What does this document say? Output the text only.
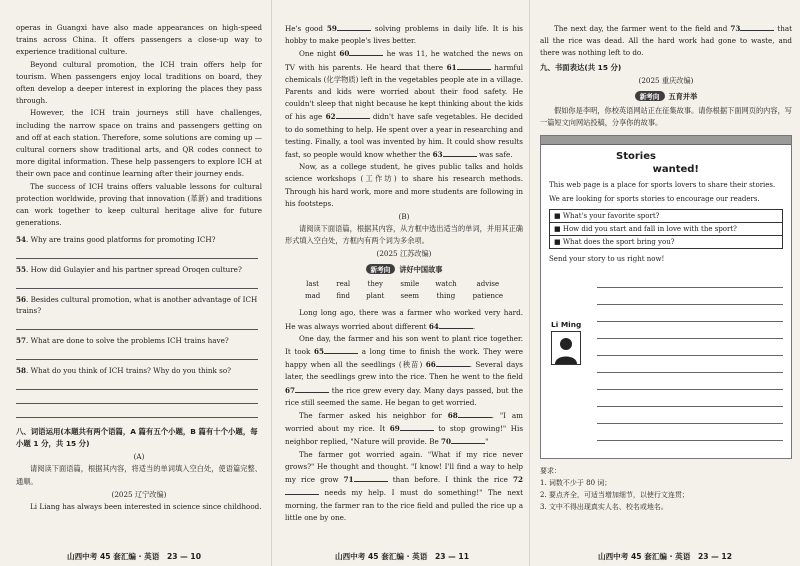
operas in Guangxi have also made appearances on high-speed trains across China. It offers passengers a close-up way to experience traditional culture.

Beyond cultural promotion, the ICH train offers help for tourism. When passengers enjoy local traditions on board, they often develop a deeper interest in exploring the places they pass through.

However, the ICH train journeys still have challenges, including the narrow space on trains and passengers getting on and off at each station. Therefore, some solutions are coming up — cultural corners show traditional arts, and QR codes connect to more digital information. These help passengers to explore ICH at their own pace and continue learning after their journey ends.

The success of ICH trains offers valuable lessons for cultural protection worldwide, proving that innovation (革新) and traditions can work together to keep cultural heritage alive for future generations.

54. Why are trains good platforms for promoting ICH?
55. How did Gulayier and his partner spread Oroqen culture?
56. Besides cultural promotion, what is another advantage of ICH trains?
57. What are done to solve the problems ICH trains have?
58. What do you think of ICH trains? Why do you think so?
八、词语运用(本题共有两个语篇，A 篇有五个小题，B 篇有十个小题，每小题 1 分，共 15 分)
(A)

请阅读下面语篇，根据其内容，将适当的单词填入空白处，使语篇完整、通顺。

(2025 辽宁改编)

Li Liang has always been interested in science since childhood.

山西中考 45 套汇编 · 英语　23 — 10

He's good 59	solving problems in daily life. It is his hobby to make people's lives better.

One night 60	he was 11, he watched the news on TV with his parents. He heard that there 61	harmful chemicals (化学物质) left in the vegetables people ate in a village. Parents and kids were worried about their food safety. He couldn't sleep that night because he kept thinking about the kids of his age 62	didn't have safe vegetables. He decided to do something to help. He spent over a year in researching and testing. Finally, a tool was invented by him. It could show results fast, so people would know whether the 63	was safe.

Now, as a college student, he gives public talks and holds science workshops (工作坊) to share his research methods. Through his hard work, more and more students are following in his footsteps.

(B)

请阅读下面语篇，根据其内容，从方框中选出适当的单词，并用其正确形式填入空白处，方框内有两个词为多余项。

(2025 江苏改编)
新考向 讲好中国故事
last	real	they	smile	watch	advise
mad	find	plant	seem	thing	patience

Long long ago, there was a farmer who worked very hard. He was always worried about different 64	.

One day, the farmer and his son went to plant rice together. It took 65	a long time to finish the work. They were happy when all the seedlings (秧苗) 66	. Several days later, the seedlings grew into the rice. Then he went to the field 67	the rice grew every day. Many days passed, but the rice still seemed the same. He began to get worried.

The farmer asked his neighbor for 68	. "I am worried about my rice. It 69	to stop growing!" His neighbor replied, "Nature will provide. Be 70	"

The farmer got worried again. "What if my rice never grows?" He thought and thought. "I know! I'll find a way to help my rice grow 71	than before. I think the rice 72 needs my help. I must do something!" The next morning, the farmer ran to the rice field and pulled the rice up a little one by one.

山西中考 45 套汇编 · 英语　23 — 11

The next day, the farmer went to the field and 73	that all the rice was dead. All the hard work had gone to waste, and there was nothing left to do.

九、书面表达(共 15 分)
(2025 重庆改编)
新考向 五育并举

假如你是李明，你校英语网站正在征集故事。请你根据下面网页的内容，写一篇短文向网站投稿，分享你的故事。

Stories
wanted!
This web page is a place for sports lovers to share their stories.
We are looking for sports stories to encourage our readers.
■ What's your favorite sport?
■ How did you start and fall in love with the sport?
■ What does the sport bring you?
Send your story to us right now!
Li Ming
要求：
1. 词数不少于 80 词；
2. 要点齐全，可适当增加细节，以使行文连贯；
3. 文中不得出现真实人名、校名或地名。
山西中考 45 套汇编 · 英语　23 — 12
